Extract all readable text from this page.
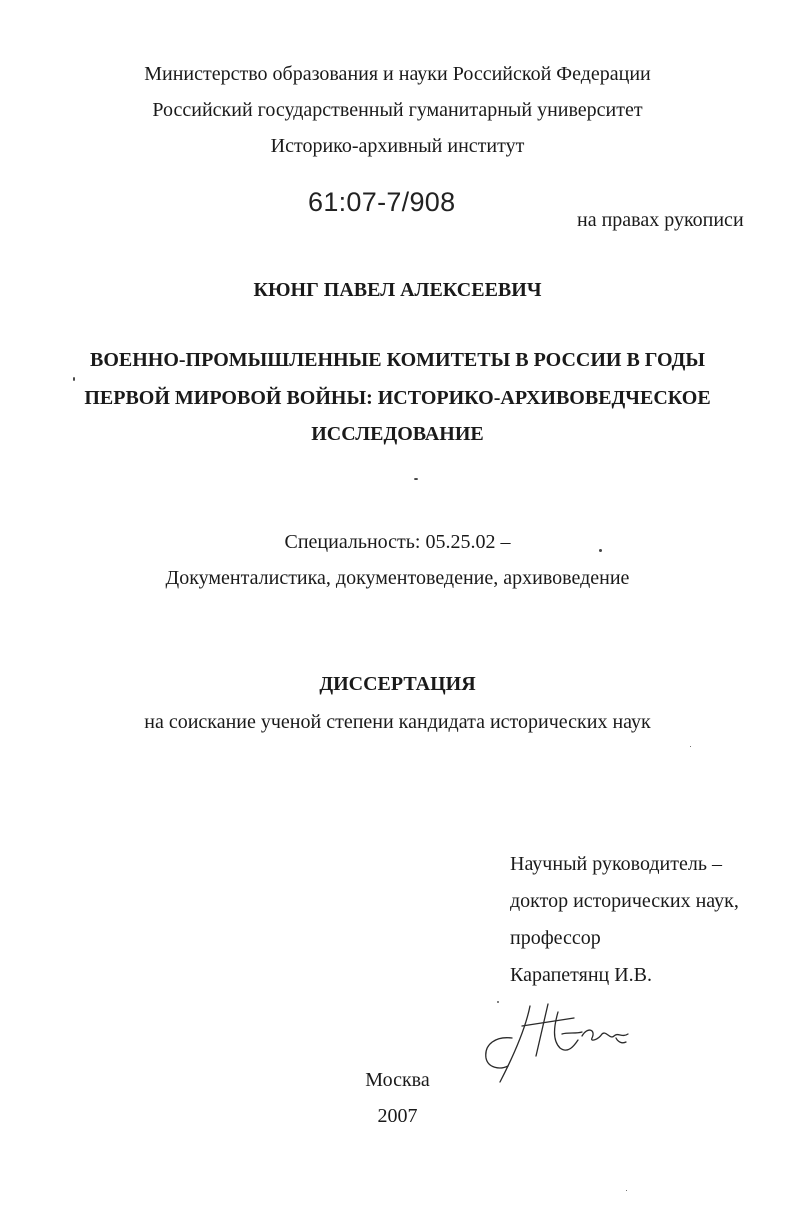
Министерство образования и науки Российской Федерации
Российский государственный гуманитарный университет
Историко-архивный институт
61:07-7/908
на правах рукописи
КЮНГ ПАВЕЛ АЛЕКСЕЕВИЧ
ВОЕННО-ПРОМЫШЛЕННЫЕ КОМИТЕТЫ В РОССИИ В ГОДЫ
ПЕРВОЙ МИРОВОЙ ВОЙНЫ: ИСТОРИКО-АРХИВОВЕДЧЕСКОЕ
ИССЛЕДОВАНИЕ
Специальность: 05.25.02 –
Документалистика, документоведение, архивоведение
ДИССЕРТАЦИЯ
на соискание ученой степени кандидата исторических наук
Научный руководитель –
доктор исторических наук,
профессор
Карапетянц И.В.
Москва
2007
